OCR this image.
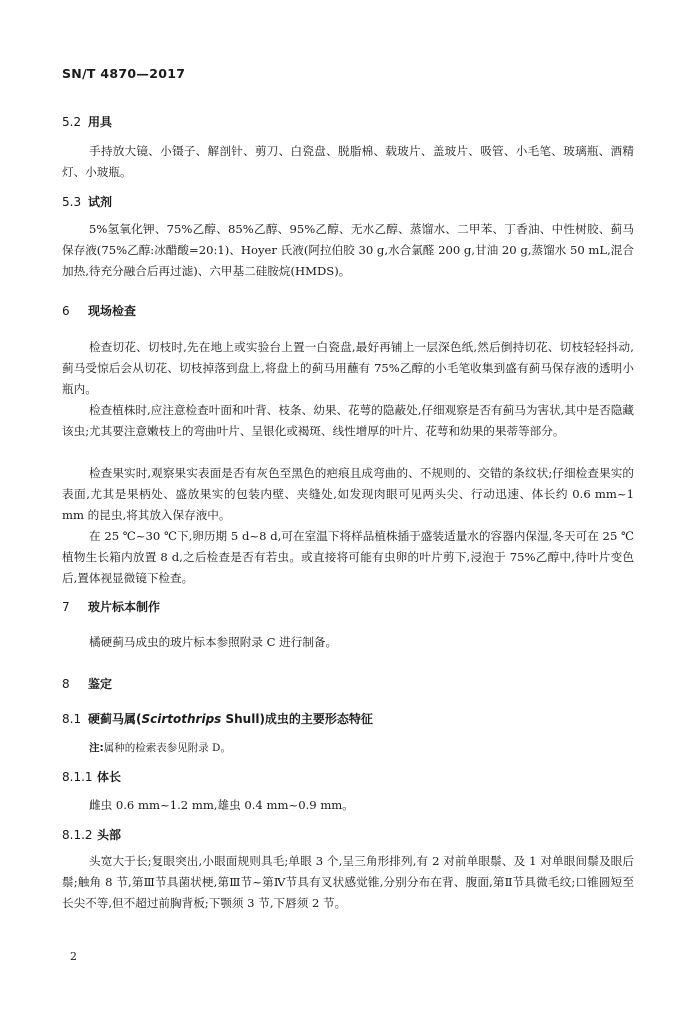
SN/T 4870—2017
5.2 用具
手持放大镜、小镊子、解剖针、剪刀、白瓷盘、脱脂棉、载玻片、盖玻片、吸管、小毛笔、玻璃瓶、酒精灯、小玻瓶。
5.3 试剂
5%氢氧化钾、75%乙醇、85%乙醇、95%乙醇、无水乙醇、蒸馏水、二甲苯、丁香油、中性树胶、蓟马保存液(75%乙醇:冰醋酸=20:1)、Hoyer 氏液(阿拉伯胶 30 g,水合氯醛 200 g,甘油 20 g,蒸馏水 50 mL,混合加热,待充分融合后再过滤)、六甲基二硅胺烷(HMDS)。
6 现场检查
检查切花、切枝时,先在地上或实验台上置一白瓷盘,最好再铺上一层深色纸,然后倒持切花、切枝轻轻抖动,蓟马受惊后会从切花、切枝掉落到盘上,将盘上的蓟马用蘸有 75%乙醇的小毛笔收集到盛有蓟马保存液的透明小瓶内。
检查植株时,应注意检查叶面和叶背、枝条、幼果、花萼的隐蔽处,仔细观察是否有蓟马为害状,其中是否隐藏该虫;尤其要注意嫩枝上的弯曲叶片、呈银化或褐斑、线性增厚的叶片、花萼和幼果的果蒂等部分。
检查果实时,观察果实表面是否有灰色至黑色的疤痕且成弯曲的、不规则的、交错的条纹状;仔细检查果实的表面,尤其是果柄处、盛放果实的包装内壁、夹缝处,如发现肉眼可见两头尖、行动迅速、体长约 0.6 mm~1 mm 的昆虫,将其放入保存液中。
在 25 ℃~30 ℃下,卵历期 5 d~8 d,可在室温下将样品植株插于盛装适量水的容器内保湿,冬天可在 25 ℃ 植物生长箱内放置 8 d,之后检查是否有若虫。或直接将可能有虫卵的叶片剪下,浸泡于 75%乙醇中,待叶片变色后,置体视显微镜下检查。
7 玻片标本制作
橘硬蓟马成虫的玻片标本参照附录 C 进行制备。
8 鉴定
8.1 硬蓟马属(Scirtothrips Shull)成虫的主要形态特征
注:属种的检索表参见附录 D。
8.1.1 体长
雌虫 0.6 mm~1.2 mm,雄虫 0.4 mm~0.9 mm。
8.1.2 头部
头宽大于长;复眼突出,小眼面规则具毛;单眼 3 个,呈三角形排列,有 2 对前单眼鬃、及 1 对单眼间鬃及眼后鬃;触角 8 节,第Ⅲ节具菌状梗,第Ⅲ节~第Ⅳ节具有叉状感觉锥,分别分布在背、腹面,第Ⅱ节具微毛纹;口锥圆短至长尖不等,但不超过前胸背板;下颚须 3 节,下唇须 2 节。
2
